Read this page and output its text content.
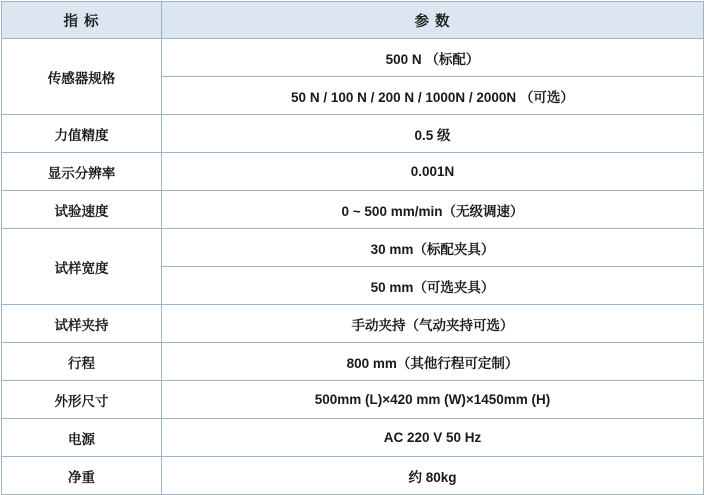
指 标	参 数
传感器规格	500 N （标配）
	50 N / 100 N / 200 N / 1000N / 2000N （可选）
力值精度	0.5 级
显示分辨率	0.001N
试验速度	0 ~ 500 mm/min（无级调速）
试样宽度	30 mm（标配夹具）
	50 mm（可选夹具）
试样夹持	手动夹持（气动夹持可选）
行程	800 mm（其他行程可定制）
外形尺寸	500mm (L)×420 mm (W)×1450mm (H)
电源	AC 220 V 50 Hz
净重	约 80kg
